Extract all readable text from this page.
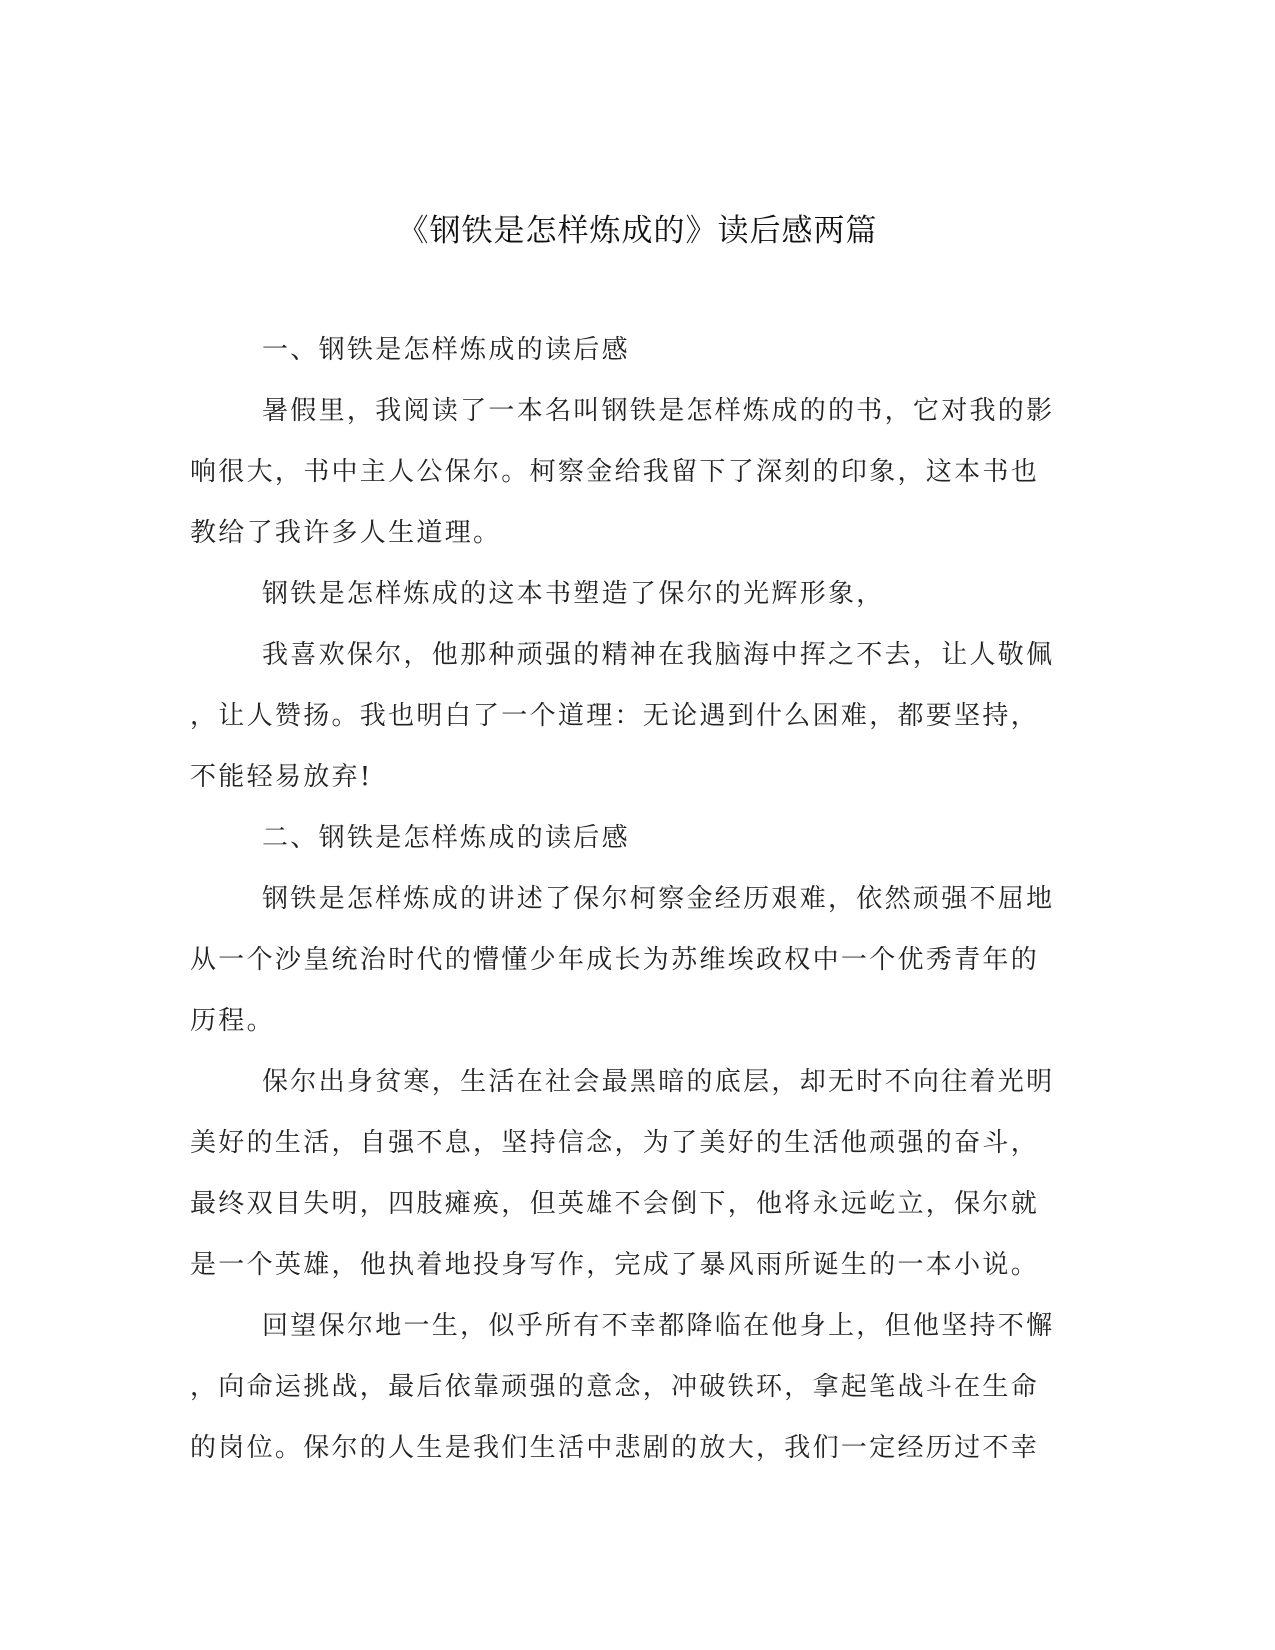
《钢铁是怎样炼成的》读后感两篇
一、钢铁是怎样炼成的读后感
暑假里，我阅读了一本名叫钢铁是怎样炼成的的书，它对我的影
响很大，书中主人公保尔。柯察金给我留下了深刻的印象，这本书也
教给了我许多人生道理。
钢铁是怎样炼成的这本书塑造了保尔的光辉形象，
我喜欢保尔，他那种顽强的精神在我脑海中挥之不去，让人敬佩
，让人赞扬。我也明白了一个道理：无论遇到什么困难，都要坚持，
不能轻易放弃!
二、钢铁是怎样炼成的读后感
钢铁是怎样炼成的讲述了保尔柯察金经历艰难，依然顽强不屈地
从一个沙皇统治时代的懵懂少年成长为苏维埃政权中一个优秀青年的
历程。
保尔出身贫寒，生活在社会最黑暗的底层，却无时不向往着光明
美好的生活，自强不息，坚持信念，为了美好的生活他顽强的奋斗，
最终双目失明，四肢瘫痪，但英雄不会倒下，他将永远屹立，保尔就
是一个英雄，他执着地投身写作，完成了暴风雨所诞生的一本小说。
回望保尔地一生，似乎所有不幸都降临在他身上，但他坚持不懈
，向命运挑战，最后依靠顽强的意念，冲破铁环，拿起笔战斗在生命
的岗位。保尔的人生是我们生活中悲剧的放大，我们一定经历过不幸
